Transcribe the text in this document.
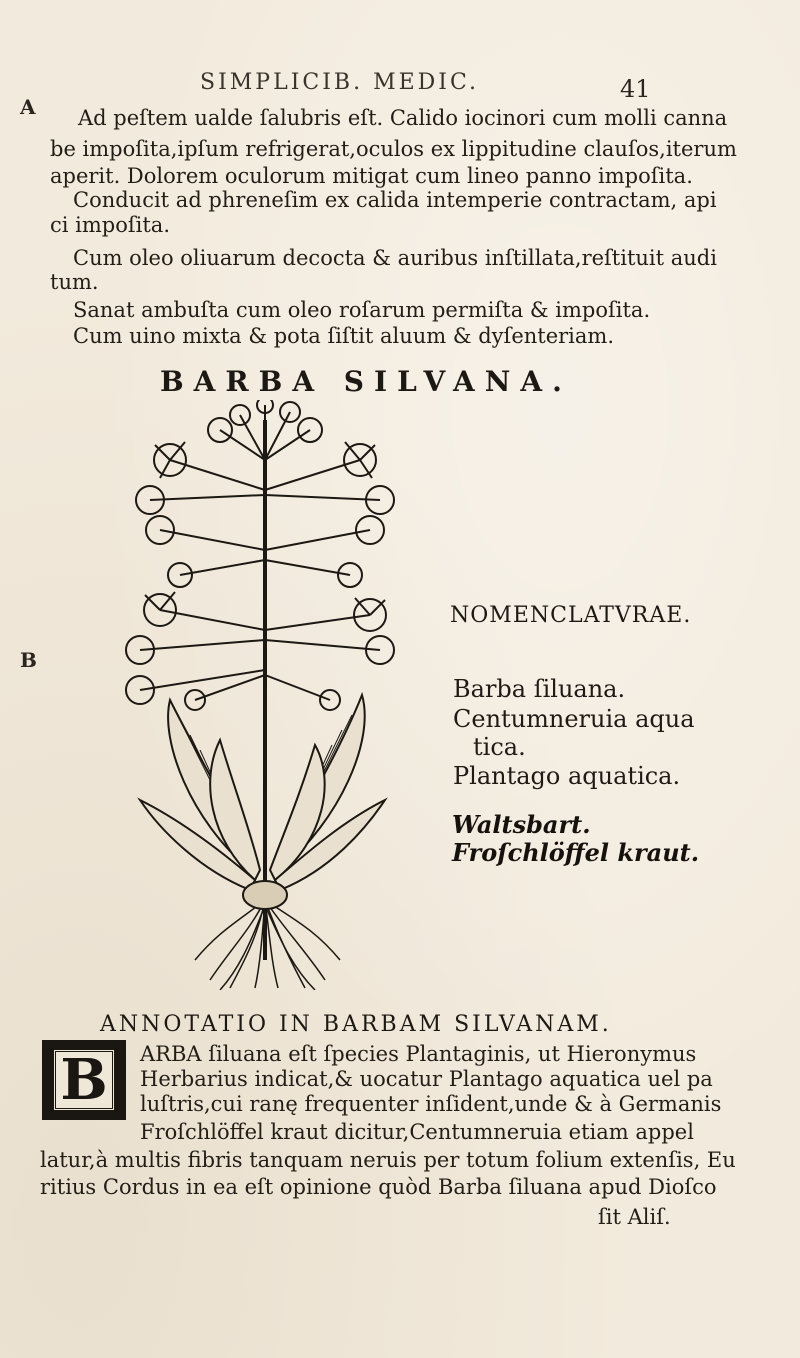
SIMPLICIB. MEDIC.	41

A

B

Ad peſtem ualde ſalubris eſt. Calido iocinori cum molli canna

be impoſita,ipſum refrigerat,oculos ex lippitudine clauſos,iterum

aperit. Dolorem oculorum mitigat cum lineo panno impoſita.

Conducit ad phreneſim ex calida intemperie contractam, api

ci impoſita.

Cum oleo oliuarum decocta & auribus inſtillata,reſtituit audi

tum.

Sanat ambuſta cum oleo roſarum permiſta & impoſita.

Cum uino mixta & pota ſiſtit aluum & dyſenteriam.

BARBA SILVANA.

NOMENCLATVRAE.

Barba ſiluana.

Centumneruia aqua

tica.

Plantago aquatica.

Waltsbart.

Froſchlöffel kraut.

ANNOTATIO IN BARBAM SILVANAM.

B	ARBA ſiluana eſt ſpecies Plantaginis, ut Hieronymus

Herbarius indicat,& uocatur Plantago aquatica uel pa

luſtris,cui ranę frequenter inſident,unde & à Germanis

Froſchlöffel kraut dicitur,Centumneruia etiam appel

latur,à multis fibris tanquam neruis per totum folium extenſis, Eu

ritius Cordus in ea eſt opinione quòd Barba ſiluana apud Dioſco

ſit Aliſ.
